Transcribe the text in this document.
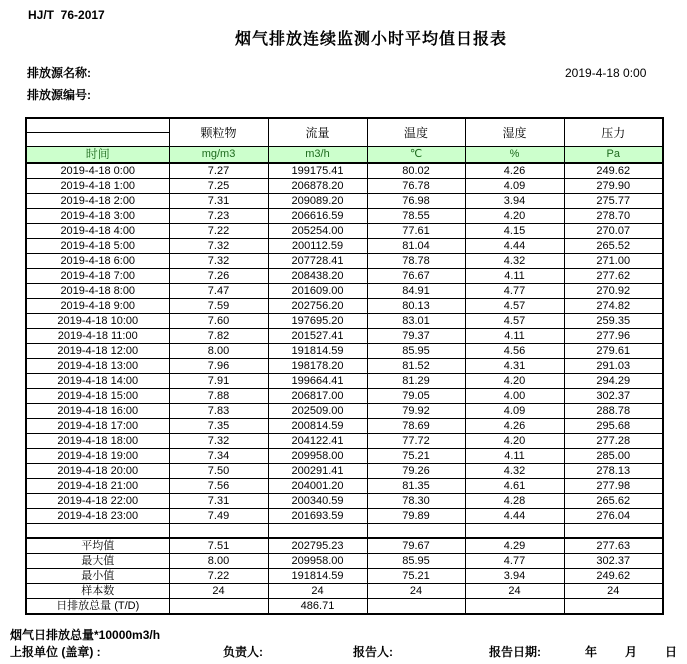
HJ/T  76-2017
烟气排放连续监测小时平均值日报表
排放源名称:
排放源编号:
2019-4-18 0:00
	颗粒物	流量	温度	湿度	压力

时间	mg/m3	m3/h	℃	%	Pa
2019-4-18 0:00	7.27	199175.41	80.02	4.26	249.62
2019-4-18 1:00	7.25	206878.20	76.78	4.09	279.90
2019-4-18 2:00	7.31	209089.20	76.98	3.94	275.77
2019-4-18 3:00	7.23	206616.59	78.55	4.20	278.70
2019-4-18 4:00	7.22	205254.00	77.61	4.15	270.07
2019-4-18 5:00	7.32	200112.59	81.04	4.44	265.52
2019-4-18 6:00	7.32	207728.41	78.78	4.32	271.00
2019-4-18 7:00	7.26	208438.20	76.67	4.11	277.62
2019-4-18 8:00	7.47	201609.00	84.91	4.77	270.92
2019-4-18 9:00	7.59	202756.20	80.13	4.57	274.82
2019-4-18 10:00	7.60	197695.20	83.01	4.57	259.35
2019-4-18 11:00	7.82	201527.41	79.37	4.11	277.96
2019-4-18 12:00	8.00	191814.59	85.95	4.56	279.61
2019-4-18 13:00	7.96	198178.20	81.52	4.31	291.03
2019-4-18 14:00	7.91	199664.41	81.29	4.20	294.29
2019-4-18 15:00	7.88	206817.00	79.05	4.00	302.37
2019-4-18 16:00	7.83	202509.00	79.92	4.09	288.78
2019-4-18 17:00	7.35	200814.59	78.69	4.26	295.68
2019-4-18 18:00	7.32	204122.41	77.72	4.20	277.28
2019-4-18 19:00	7.34	209958.00	75.21	4.11	285.00
2019-4-18 20:00	7.50	200291.41	79.26	4.32	278.13
2019-4-18 21:00	7.56	204001.20	81.35	4.61	277.98
2019-4-18 22:00	7.31	200340.59	78.30	4.28	265.62
2019-4-18 23:00	7.49	201693.59	79.89	4.44	276.04

平均值	7.51	202795.23	79.67	4.29	277.63
最大值	8.00	209958.00	85.95	4.77	302.37
最小值	7.22	191814.59	75.21	3.94	249.62
样本数	24	24	24	24	24
日排放总量 (T/D)		486.71			
烟气日排放总量*10000m3/h
上报单位 (盖章) :	负责人:	报告人:	报告日期:	年 月 日
